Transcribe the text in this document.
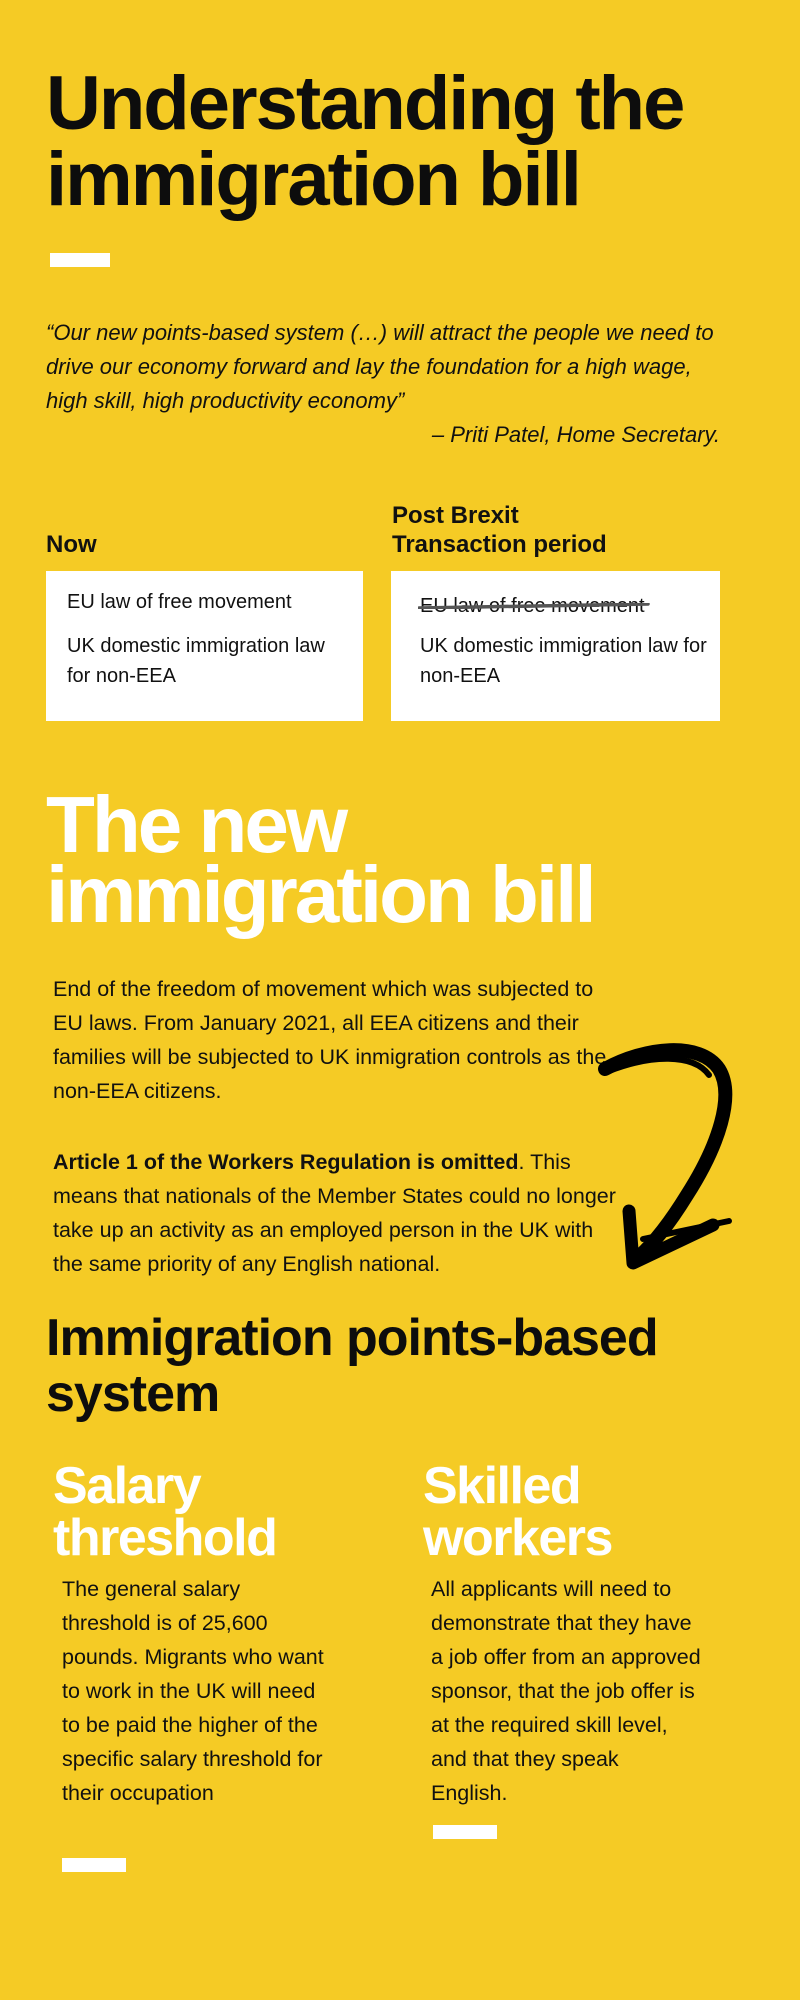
Understanding the
immigration bill

“Our new points-based system (…) will attract the people we need to drive our economy forward and lay the foundation for a high wage, high skill, high productivity economy”

– Priti Patel, Home Secretary.
Now

EU law of free movement

UK domestic immigration law for non-EEA

Post Brexit
Transaction period

EU law of free movement

UK domestic immigration law for non-EEA

The new
immigration bill

End of the freedom of movement which was subjected to EU laws. From January 2021, all EEA citizens and their families will be subjected to UK inmigration controls as the non-EEA citizens.

Article 1 of the Workers Regulation is omitted. This means that nationals of the Member States could no longer take up an activity as an employed person in the UK with the same priority of any English national.

Immigration points-based
system
Salary
threshold

The general salary threshold is of 25,600 pounds. Migrants who want to work in the UK will need to be paid the higher of the specific salary threshold for their occupation

Skilled
workers

All applicants will need to demonstrate that they have a job offer from an approved sponsor, that the job offer is at the required skill level, and that they speak English.
